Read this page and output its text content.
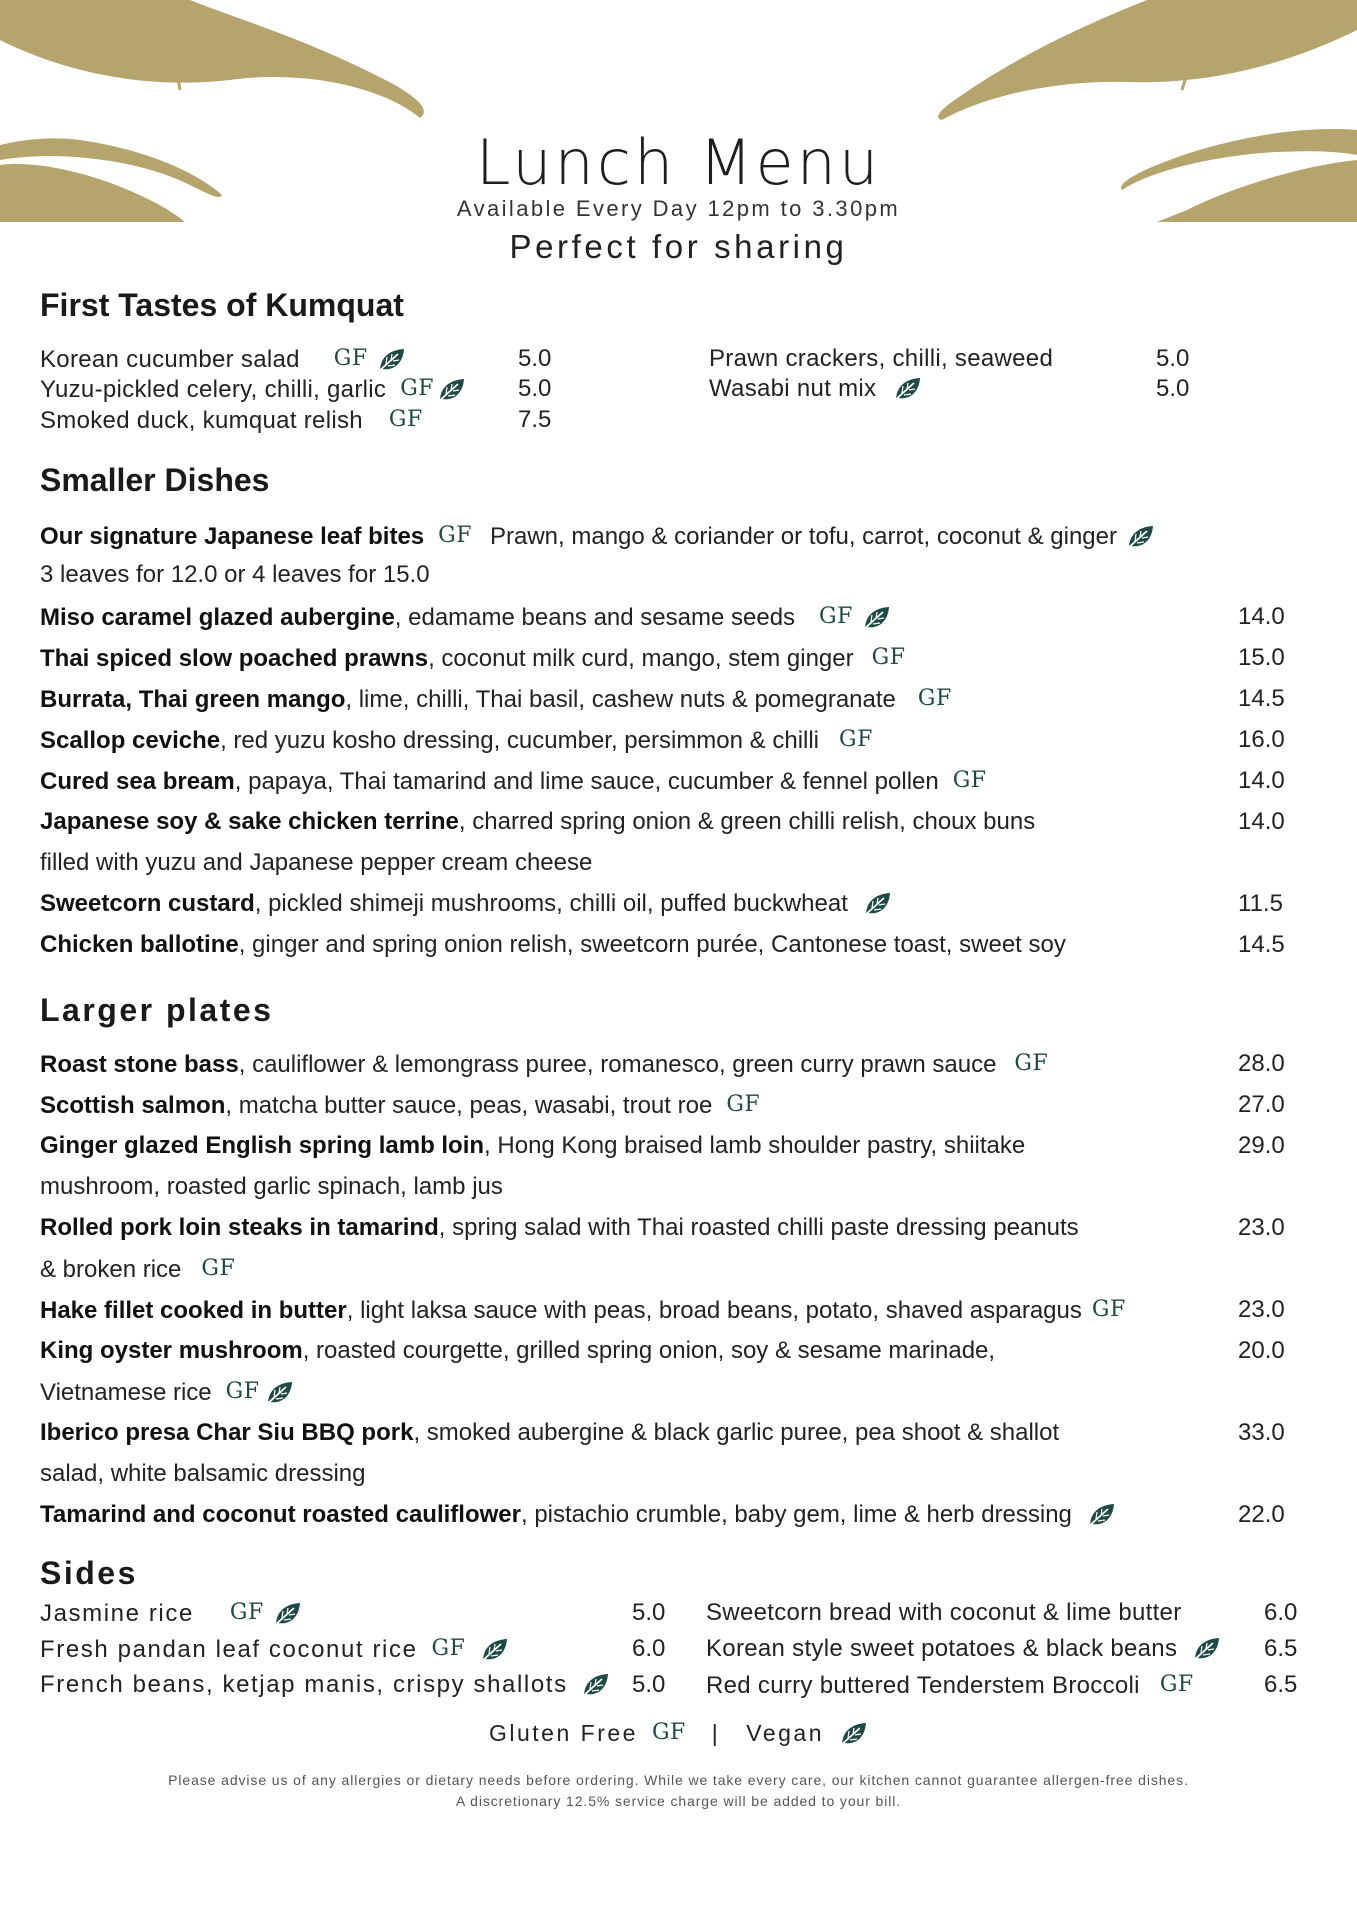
Lunch Menu
Available Every Day 12pm to 3.30pm
Perfect for sharing
First Tastes of Kumquat
Korean cucumber salad GF	5.0
Yuzu-pickled celery, chilli, garlic GF	5.0
Smoked duck, kumquat relish GF	7.5
Prawn crackers, chilli, seaweed	5.0
Wasabi nut mix	5.0
Smaller Dishes
Our signature Japanese leaf bites GF Prawn, mango & coriander or tofu, carrot, coconut & ginger
3 leaves for 12.0 or 4 leaves for 15.0
Miso caramel glazed aubergine, edamame beans and sesame seeds GF	14.0
Thai spiced slow poached prawns, coconut milk curd, mango, stem ginger GF	15.0
Burrata, Thai green mango, lime, chilli, Thai basil, cashew nuts & pomegranate GF	14.5
Scallop ceviche, red yuzu kosho dressing, cucumber, persimmon & chilli GF	16.0
Cured sea bream, papaya, Thai tamarind and lime sauce, cucumber & fennel pollen GF	14.0
Japanese soy & sake chicken terrine, charred spring onion & green chilli relish, choux buns
filled with yuzu and Japanese pepper cream cheese
14.0
Sweetcorn custard, pickled shimeji mushrooms, chilli oil, puffed buckwheat	11.5
Chicken ballotine, ginger and spring onion relish, sweetcorn purée, Cantonese toast, sweet soy	14.5
Larger plates
Roast stone bass, cauliflower & lemongrass puree, romanesco, green curry prawn sauce GF	28.0
Scottish salmon, matcha butter sauce, peas, wasabi, trout roe GF	27.0
Ginger glazed English spring lamb loin, Hong Kong braised lamb shoulder pastry, shiitake
mushroom, roasted garlic spinach, lamb jus
29.0
Rolled pork loin steaks in tamarind, spring salad with Thai roasted chilli paste dressing peanuts
& broken rice GF
23.0
Hake fillet cooked in butter, light laksa sauce with peas, broad beans, potato, shaved asparagus GF	23.0
King oyster mushroom, roasted courgette, grilled spring onion, soy & sesame marinade,
Vietnamese rice GF
20.0
Iberico presa Char Siu BBQ pork, smoked aubergine & black garlic puree, pea shoot & shallot
salad, white balsamic dressing
33.0
Tamarind and coconut roasted cauliflower, pistachio crumble, baby gem, lime & herb dressing	22.0
Sides
Jasmine rice GF	5.0
Fresh pandan leaf coconut rice GF	6.0
French beans, ketjap manis, crispy shallots	5.0
Sweetcorn bread with coconut & lime butter	6.0
Korean style sweet potatoes & black beans	6.5
Red curry buttered Tenderstem Broccoli GF	6.5
Gluten Free GF | Vegan
Please advise us of any allergies or dietary needs before ordering. While we take every care, our kitchen cannot guarantee allergen-free dishes.
A discretionary 12.5% service charge will be added to your bill.
